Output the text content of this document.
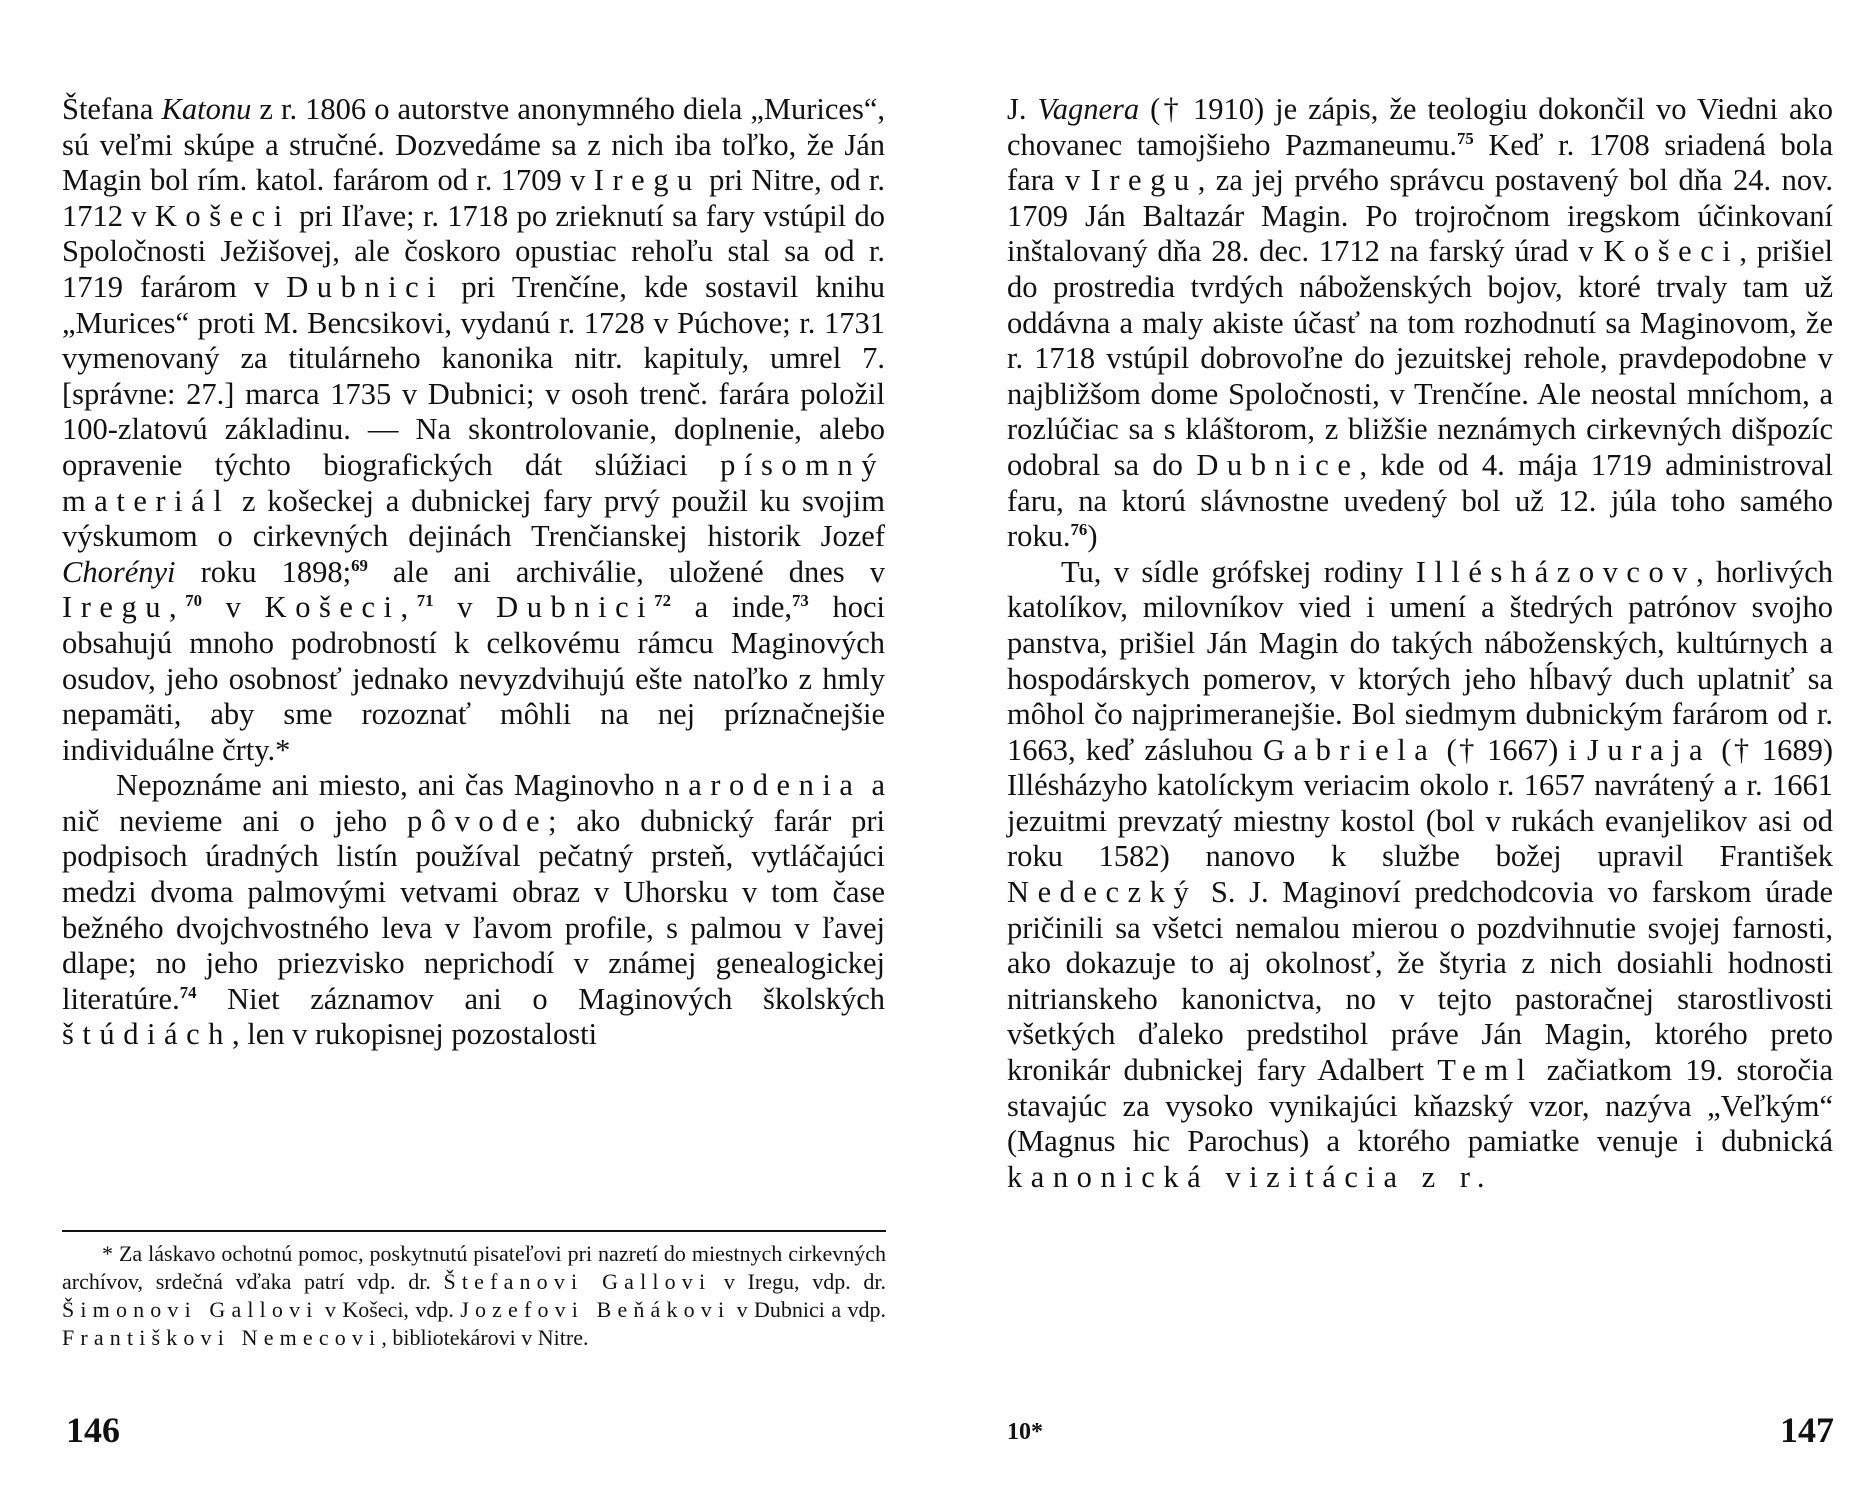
Štefana Katonu z r. 1806 o autorstve anonymného diela „Murices“, sú veľmi skúpe a stručné. Dozvedáme sa z nich iba toľko, že Ján Magin bol rím. katol. farárom od r. 1709 v Iregu pri Nitre, od r. 1712 v Košeci pri Iľave; r. 1718 po zrieknutí sa fary vstúpil do Spoločnosti Ježišovej, ale čoskoro opustiac rehoľu stal sa od r. 1719 farárom v Dubnici pri Trenčíne, kde sostavil knihu „Murices“ proti M. Bencsikovi, vydanú r. 1728 v Púchove; r. 1731 vymenovaný za titulárneho kanonika nitr. kapituly, umrel 7. [správne: 27.] marca 1735 v Dubnici; v osoh trenč. farára položil 100-zlatovú základinu. — Na skontrolovanie, doplnenie, alebo opravenie týchto biografických dát slúžiaci písomný materiál z košeckej a dubnickej fary prvý použil ku svojim výskumom o cirkevných dejinách Trenčianskej historik Jozef Chorényi roku 1898;$^{69}$ ale ani archiválie, uložené dnes v Iregu,$^{70}$ v Košeci,$^{71}$ v Dubnici$^{72}$ a inde,$^{73}$ hoci obsahujú mnoho podrobností k celkovému rámcu Maginových osudov, jeho osobnosť jednako nevyzdvihujú ešte natoľko z hmly nepamäti, aby sme rozoznať môhli na nej príznačnejšie individuálne črty.*

Nepoznáme ani miesto, ani čas Maginovho narodenia a nič nevieme ani o jeho pôvode; ako dubnický farár pri podpisoch úradných listín používal pečatný prsteň, vytláčajúci medzi dvoma palmovými vetvami obraz v Uhorsku v tom čase bežného dvojchvostného leva v ľavom profile, s palmou v ľavej dlape; no jeho priezvisko neprichodí v známej genealogickej literatúre.$^{74}$ Niet záznamov ani o Maginových školských štúdiách, len v rukopisnej pozostalosti

* Za láskavo ochotnú pomoc, poskytnutú pisateľovi pri nazretí do miestnych cirkevných archívov, srdečná vďaka patrí vdp. dr. Štefanovi Gallovi v Iregu, vdp. dr. Šimonovi Gallovi v Košeci, vdp. Jozefovi Beňákovi v Dubnici a vdp. Františkovi Nemecovi, bibliotekárovi v Nitre.

146

J. Vagnera († 1910) je zápis, že teologiu dokončil vo Viedni ako chovanec tamojšieho Pazmaneumu.$^{75}$ Keď r. 1708 sriadená bola fara v Iregu, za jej prvého správcu postavený bol dňa 24. nov. 1709 Ján Baltazár Magin. Po trojročnom iregskom účinkovaní inštalovaný dňa 28. dec. 1712 na farský úrad v Košeci, prišiel do prostredia tvrdých náboženských bojov, ktoré trvaly tam už oddávna a maly akiste účasť na tom rozhodnutí sa Maginovom, že r. 1718 vstúpil dobrovoľne do jezuitskej rehole, pravdepodobne v najbližšom dome Spoločnosti, v Trenčíne. Ale neostal mníchom, a rozlúčiac sa s kláštorom, z bližšie neznámych cirkevných dišpozíc odobral sa do Dubnice, kde od 4. mája 1719 administroval faru, na ktorú slávnostne uvedený bol už 12. júla toho samého roku.$^{76}$)

Tu, v sídle grófskej rodiny Illésházovcov, horlivých katolíkov, milovníkov vied i umení a štedrých patrónov svojho panstva, prišiel Ján Magin do takých náboženských, kultúrnych a hospodárskych pomerov, v ktorých jeho hĺbavý duch uplatniť sa môhol čo najprimeranejšie. Bol siedmym dubnickým farárom od r. 1663, keď zásluhou Gabriela († 1667) i Juraja († 1689) Illésházyho katolíckym veriacim okolo r. 1657 navrátený a r. 1661 jezuitmi prevzatý miestny kostol (bol v rukách evanjelikov asi od roku 1582) nanovo k službe božej upravil František Nedeczký S. J. Maginoví predchodcovia vo farskom úrade pričinili sa všetci nemalou mierou o pozdvihnutie svojej farnosti, ako dokazuje to aj okolnosť, že štyria z nich dosiahli hodnosti nitrianskeho kanonictva, no v tejto pastoračnej starostlivosti všetkých ďaleko predstihol práve Ján Magin, ktorého preto kronikár dubnickej fary Adalbert Teml začiatkom 19. storočia stavajúc za vysoko vynikajúci kňazský vzor, nazýva „Veľkým“ (Magnus hic Parochus) a ktorého pamiatke venuje i dubnická kanonická vizitácia z r.

10*	147
